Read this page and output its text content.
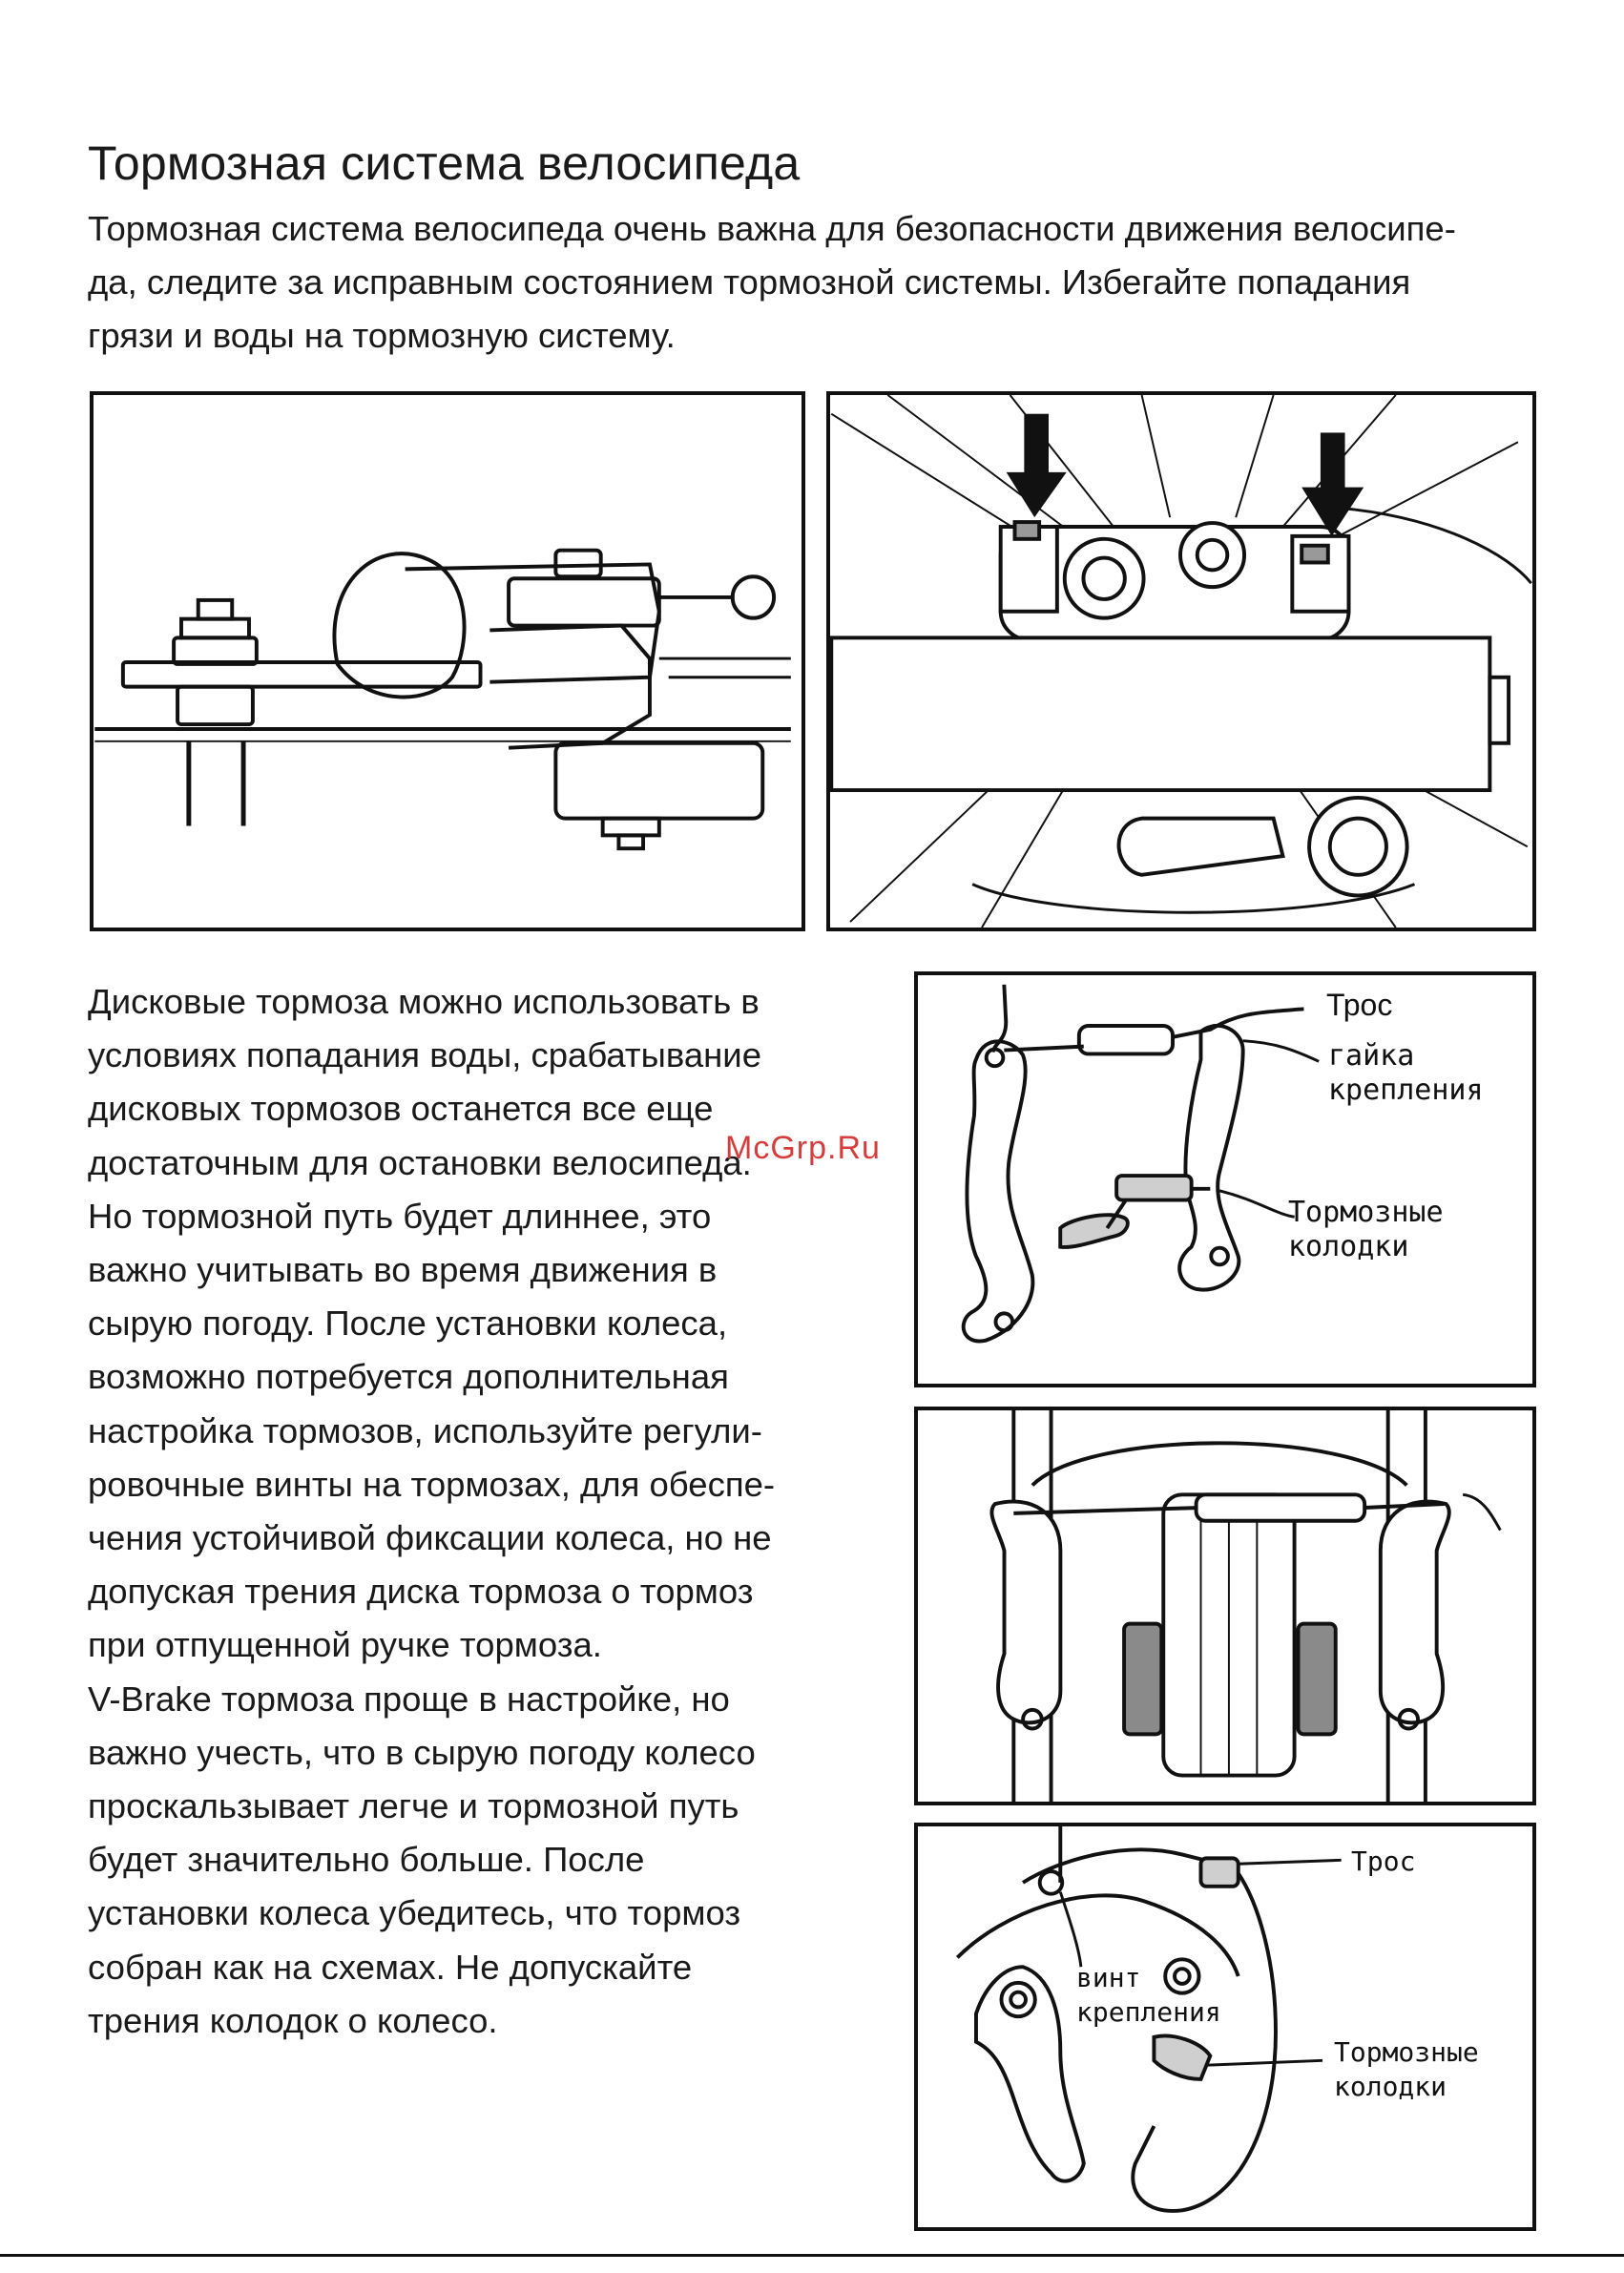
Тормозная система велосипеда

Тормозная система велосипеда очень важна для безопасности движения велосипе-
да, следите за исправным состоянием тормозной системы. Избегайте попадания
грязи и воды на тормозную систему.

Дисковые тормоза можно использовать в
условиях попадания воды, срабатывание
дисковых тормозов останется все еще
достаточным для остановки велосипеда.
Но тормозной путь будет длиннее, это
важно учитывать во время движения в
сырую погоду. После установки колеса,
возможно потребуется дополнительная
настройка тормозов, используйте регули-
ровочные винты на тормозах, для обеспе-
чения устойчивой фиксации колеса, но не
допуская трения диска тормоза о тормоз
при отпущенной ручке тормоза.
V-Brake тормоза проще в настройке, но
важно учесть, что в сырую погоду колесо
проскальзывает легче и тормозной путь
будет значительно больше. После
установки колеса убедитесь, что тормоз
собран как на схемах. Не допускайте
трения колодок о колесо.

Трос
гайка
крепления
Тормозные
колодки
Трос
винт
крепления
Тормозные
колодки
McGrp.Ru
